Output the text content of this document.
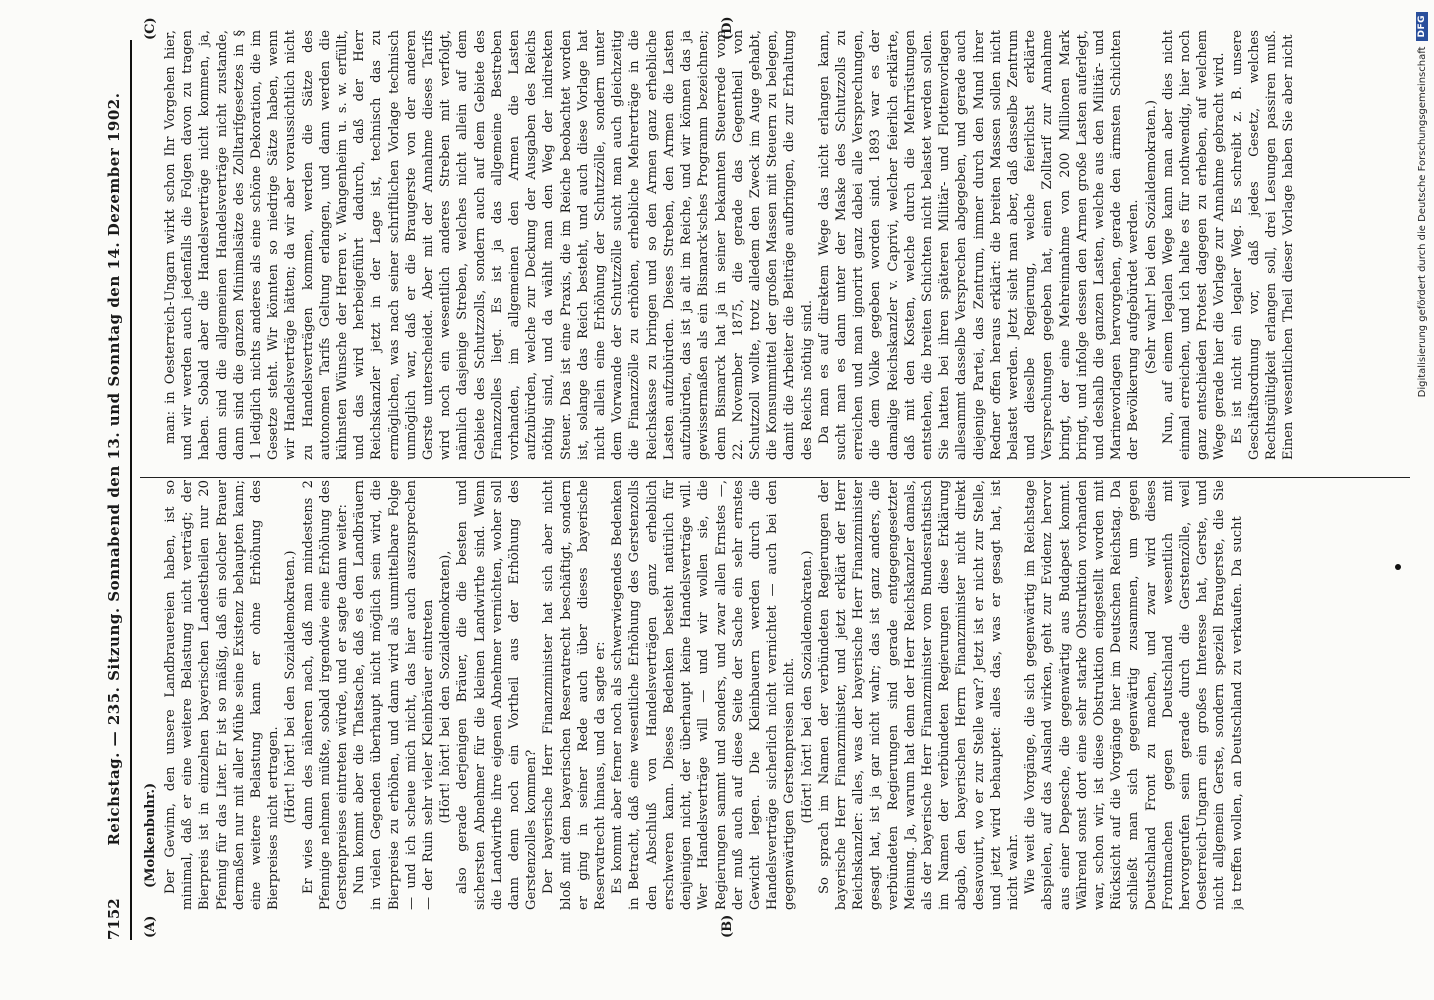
7152
Reichstag. — 235. Sitzung. Sonnabend den 13. und Sonntag den 14. Dezember 1902. (Molkenbuhr.)
(A)	(B)
(C)	(D)

Der Gewinn, den unsere Landbrauereien haben, ist so minimal, daß er eine weitere Belastung nicht verträgt; der Bierpreis ist in einzelnen bayerischen Landestheilen nur 20 Pfennig für das Liter. Er ist so mäßig, daß ein solcher Brauer dermaßen nur mit aller Mühe seine Existenz behaupten kann; eine weitere Belastung kann er ohne Erhöhung des Bierpreises nicht ertragen. (Hört! hört! bei den Sozialdemokraten.) Er wies dann des näheren nach, daß man mindestens 2 Pfennige nehmen müßte, sobald irgendwie eine Erhöhung des Gerstenpreises eintreten würde, und er sagte dann weiter: Nun kommt aber die Thatsache, daß es den Landbräuern in vielen Gegenden überhaupt nicht möglich sein wird, die Bierpreise zu erhöhen, und dann wird als unmittelbare Folge — und ich scheue mich nicht, das hier auch auszusprechen — der Ruin sehr vieler Kleinbräuer eintreten (Hört! hört! bei den Sozialdemokraten), also gerade derjenigen Bräuer, die die besten und sichersten Abnehmer für die kleinen Landwirthe sind. Wenn die Landwirthe ihre eigenen Abnehmer vernichten, woher soll dann denn noch ein Vortheil aus der Erhöhung des Gerstenzolles kommen? Der bayerische Herr Finanzminister hat sich aber nicht bloß mit dem bayerischen Reservatrecht beschäftigt, sondern er ging in seiner Rede auch über dieses bayerische Reservatrecht hinaus, und da sagte er: Es kommt aber ferner noch als schwerwiegendes Bedenken in Betracht, daß eine wesentliche Erhöhung des Gerstenzolls den Abschluß von Handelsverträgen ganz erheblich erschweren kann. Dieses Bedenken besteht natürlich für denjenigen nicht, der überhaupt keine Handelsverträge will. Wer Handelsverträge will — und wir wollen sie, die Regierungen sammt und sonders, und zwar allen Ernstes —, der muß auch auf diese Seite der Sache ein sehr ernstes Gewicht legen. Die Kleinbauern werden durch die Handelsverträge sicherlich nicht vernichtet — auch bei den gegenwärtigen Gerstenpreisen nicht. (Hört! hört! bei den Sozialdemokraten.) So sprach im Namen der verbündeten Regierungen der bayerische Herr Finanzminister, und jetzt erklärt der Herr Reichskanzler: alles, was der bayerische Herr Finanzminister gesagt hat, ist ja gar nicht wahr; das ist ganz anders, die verbündeten Regierungen sind gerade entgegengesetzter Meinung. Ja, warum hat denn der Herr Reichskanzler damals, als der bayerische Herr Finanzminister vom Bundesrathstisch im Namen der verbündeten Regierungen diese Erklärung abgab, den bayerischen Herrn Finanzminister nicht direkt desavouirt, wo er zur Stelle war? Jetzt ist er nicht zur Stelle, und jetzt wird behauptet: alles das, was er gesagt hat, ist nicht wahr. Wie weit die Vorgänge, die sich gegenwärtig im Reichstage abspielen, auf das Ausland wirken, geht zur Evidenz hervor aus einer Depesche, die gegenwärtig aus Budapest kommt. Während sonst dort eine sehr starke Obstruktion vorhanden war, schon wir, ist diese Obstruktion eingestellt worden mit Rücksicht auf die Vorgänge hier im Deutschen Reichstag. Da schließt man sich gegenwärtig zusammen, um gegen Deutschland Front zu machen, und zwar wird dieses Frontmachen gegen Deutschland wesentlich mit hervorgerufen sein gerade durch die Gerstenzölle, weil Oesterreich-Ungarn ein großes Interesse hat, Gerste, und nicht allgemein Gerste, sondern speziell Braugerste, die Sie ja treffen wollen, an Deutschland zu verkaufen. Da sucht

man: in Oesterreich-Ungarn wirkt schon Ihr Vorgehen hier, und wir werden auch jedenfalls die Folgen davon zu tragen haben. Sobald aber die Handelsverträge nicht kommen, ja, dann sind die allgemeinen Handelsverträge nicht zustande, dann sind die ganzen Minimalsätze des Zolltarifgesetzes in § 1 lediglich nichts anderes als eine schöne Dekoration, die im Gesetze steht. Wir könnten so niedrige Sätze haben, wenn wir Handelsverträge hätten; da wir aber voraussichtlich nicht zu Handelsverträgen kommen, werden die Sätze des autonomen Tarifs Geltung erlangen, und dann werden die kühnsten Wünsche der Herren v. Wangenheim u. s. w. erfüllt, und das wird herbeigeführt dadurch, daß der Herr Reichskanzler jetzt in der Lage ist, technisch das zu ermöglichen, was nach seiner schriftlichen Vorlage technisch unmöglich war, daß er die Braugerste von der anderen Gerste unterscheidet. Aber mit der Annahme dieses Tarifs wird noch ein wesentlich anderes Streben mit verfolgt, nämlich dasjenige Streben, welches nicht allein auf dem Gebiete des Schutzzolls, sondern auch auf dem Gebiete des Finanzzolles liegt. Es ist ja das allgemeine Bestreben vorhanden, im allgemeinen den Armen die Lasten aufzubürden, welche zur Deckung der Ausgaben des Reichs nöthig sind, und da wählt man den Weg der indirekten Steuer. Das ist eine Praxis, die im Reiche beobachtet worden ist, solange das Reich besteht, und auch diese Vorlage hat nicht allein eine Erhöhung der Schutzzölle, sondern unter dem Vorwande der Schutzzölle sucht man auch gleichzeitig die Finanzzölle zu erhöhen, erhebliche Mehrerträge in die Reichskasse zu bringen und so den Armen ganz erhebliche Lasten aufzubürden. Dieses Streben, den Armen die Lasten aufzubürden, das ist ja alt im Reiche, und wir können das ja gewissermaßen als ein Bismarck'sches Programm bezeichnen; denn Bismarck hat ja in seiner bekannten Steuerrede vom 22. November 1875, die gerade das Gegentheil von Schutzzoll wollte, trotz alledem den Zweck im Auge gehabt, die Konsummittel der großen Massen mit Steuern zu belegen, damit die Arbeiter die Beiträge aufbringen, die zur Erhaltung des Reichs nöthig sind. Da man es auf direktem Wege das nicht erlangen kann, sucht man es dann unter der Maske des Schutzzolls zu erreichen und man ignorirt ganz dabei alle Versprechungen, die dem Volke gegeben worden sind. 1893 war es der damalige Reichskanzler v. Caprivi, welcher feierlich erklärte, daß mit den Kosten, welche durch die Mehrrüstungen entstehen, die breiten Schichten nicht belastet werden sollen. Sie hatten bei ihren späteren Militär- und Flottenvorlagen allesammt dasselbe Versprechen abgegeben, und gerade auch diejenige Partei, das Zentrum, immer durch den Mund ihrer Redner offen heraus erklärt: die breiten Massen sollen nicht belastet werden. Jetzt sieht man aber, daß dasselbe Zentrum und dieselbe Regierung, welche feierlichst erklärte Versprechungen gegeben hat, einen Zolltarif zur Annahme bringt, der eine Mehreinnahme von 200 Millionen Mark bringt, und infolge dessen den Armen große Lasten auferlegt, und deshalb die ganzen Lasten, welche aus den Militär- und Marinevorlagen hervorgehen, gerade den ärmsten Schichten der Bevölkerung aufgebürdet werden. (Sehr wahr! bei den Sozialdemokraten.) Nun, auf einem legalen Wege kann man aber dies nicht einmal erreichen, und ich halte es für nothwendig, hier noch ganz entschieden Protest dagegen zu erheben, auf welchem Wege gerade hier die Vorlage zur Annahme gebracht wird. Es ist nicht ein legaler Weg. Es schreibt z. B. unsere Geschäftsordnung vor, daß jedes Gesetz, welches Rechtsgültigkeit erlangen soll, drei Lesungen passiren muß. Einen wesentlichen Theil dieser Vorlage haben Sie aber nicht	Digitalisierung gefördert durch die Deutsche Forschungsgemeinschaft
DFG
